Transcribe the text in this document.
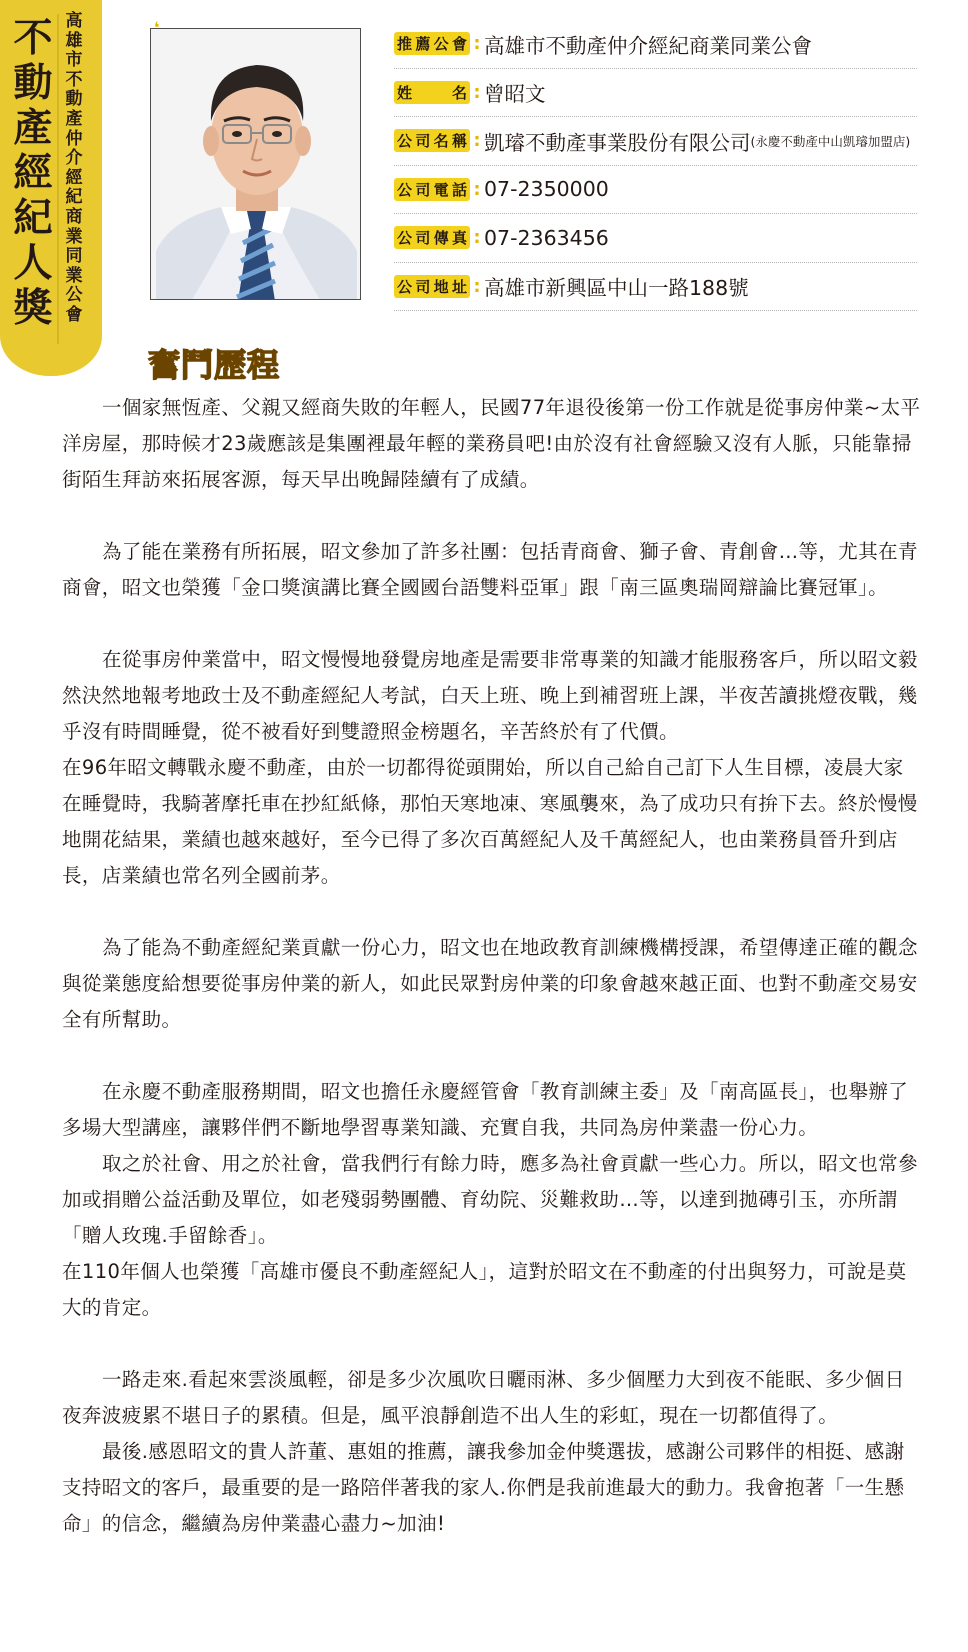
不動產經紀人獎
高雄市不動產仲介經紀商業同業公會
推薦公會 : 高雄市不動產仲介經紀商業同業公會
姓名 : 曾昭文
公司名稱 : 凱璿不動產事業股份有限公司 (永慶不動產中山凱璿加盟店)
公司電話 : 07-2350000
公司傳真 : 07-2363456
公司地址 : 高雄市新興區中山一路188號
奮鬥歷程

一個家無恆產、父親又經商失敗的年輕人，民國77年退役後第一份工作就是從事房仲業~太平洋房屋，那時候才23歲應該是集團裡最年輕的業務員吧!由於沒有社會經驗又沒有人脈，只能靠掃街陌生拜訪來拓展客源，每天早出晚歸陸續有了成績。

為了能在業務有所拓展，昭文參加了許多社團：包括青商會、獅子會、青創會…等，尤其在青商會，昭文也榮獲「金口獎演講比賽全國國台語雙料亞軍」跟「南三區奧瑞岡辯論比賽冠軍」。

在從事房仲業當中，昭文慢慢地發覺房地產是需要非常專業的知識才能服務客戶，所以昭文毅然決然地報考地政士及不動產經紀人考試，白天上班、晚上到補習班上課，半夜苦讀挑燈夜戰，幾乎沒有時間睡覺，從不被看好到雙證照金榜題名，辛苦終於有了代價。

在96年昭文轉戰永慶不動產，由於一切都得從頭開始，所以自己給自己訂下人生目標，凌晨大家在睡覺時，我騎著摩托車在抄紅紙條，那怕天寒地凍、寒風襲來，為了成功只有拚下去。終於慢慢地開花結果，業績也越來越好，至今已得了多次百萬經紀人及千萬經紀人，也由業務員晉升到店長，店業績也常名列全國前茅。

為了能為不動產經紀業貢獻一份心力，昭文也在地政教育訓練機構授課，希望傳達正確的觀念與從業態度給想要從事房仲業的新人，如此民眾對房仲業的印象會越來越正面、也對不動產交易安全有所幫助。

在永慶不動產服務期間，昭文也擔任永慶經管會「教育訓練主委」及「南高區長」，也舉辦了多場大型講座，讓夥伴們不斷地學習專業知識、充實自我，共同為房仲業盡一份心力。

取之於社會、用之於社會，當我們行有餘力時，應多為社會貢獻一些心力。所以，昭文也常參加或捐贈公益活動及單位，如老殘弱勢團體、育幼院、災難救助…等，以達到拋磚引玉，亦所謂「贈人玫瑰.手留餘香」。

在110年個人也榮獲「高雄市優良不動產經紀人」，這對於昭文在不動產的付出與努力，可說是莫大的肯定。

一路走來.看起來雲淡風輕，卻是多少次風吹日曬雨淋、多少個壓力大到夜不能眠、多少個日夜奔波疲累不堪日子的累積。但是，風平浪靜創造不出人生的彩虹，現在一切都值得了。

最後.感恩昭文的貴人許董、惠姐的推薦，讓我參加金仲獎選拔，感謝公司夥伴的相挺、感謝支持昭文的客戶，最重要的是一路陪伴著我的家人.你們是我前進最大的動力。我會抱著「一生懸命」的信念，繼續為房仲業盡心盡力~加油!
